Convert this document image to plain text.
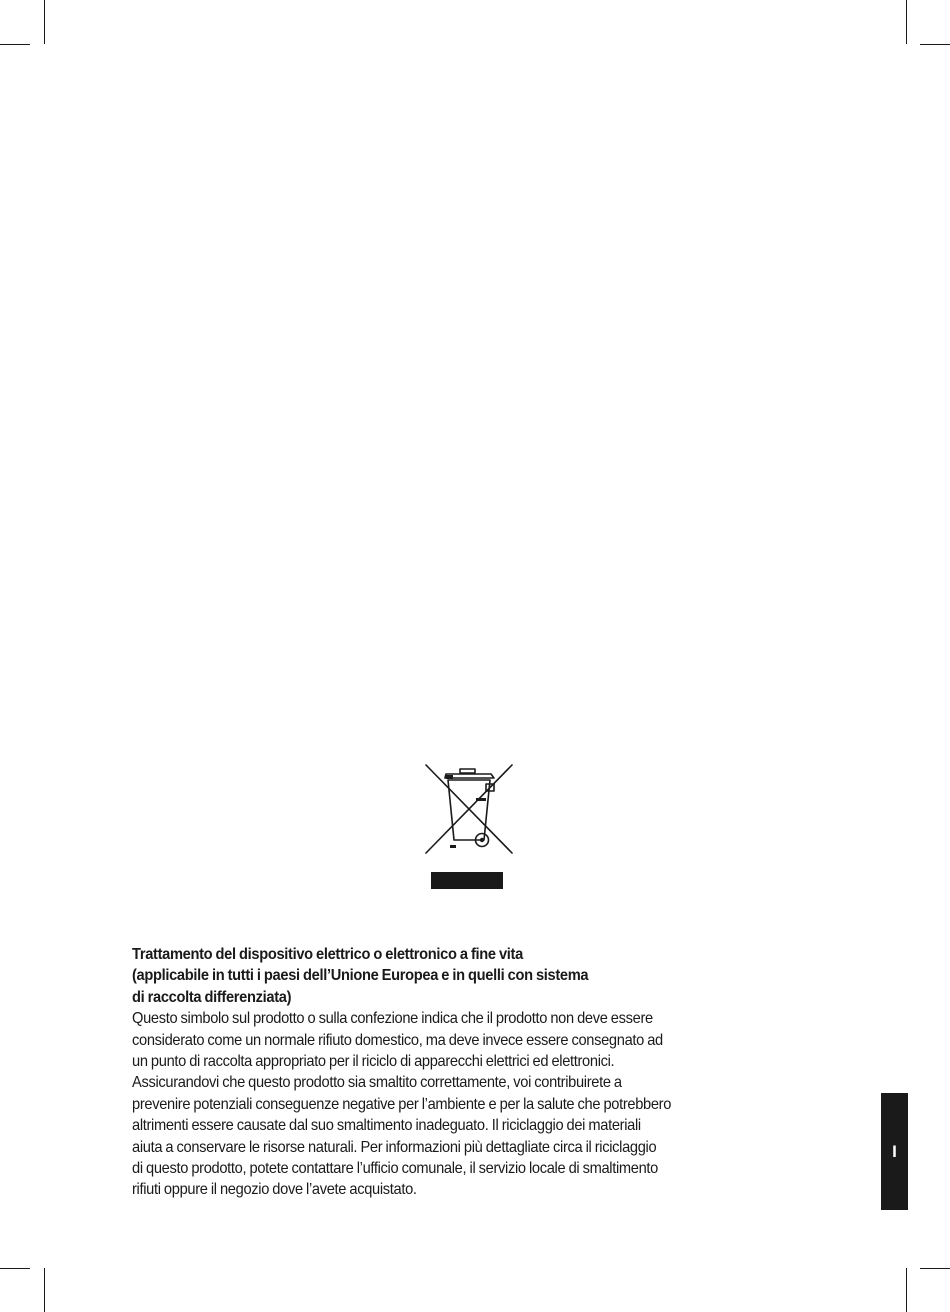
Trattamento del dispositivo elettrico o elettronico a fine vita
(applicabile in tutti i paesi dell’Unione Europea e in quelli con sistema
di raccolta differenziata)

Questo simbolo sul prodotto o sulla confezione indica che il prodotto non deve essere
considerato come un normale rifiuto domestico, ma deve invece essere consegnato ad
un punto di raccolta appropriato per il riciclo di apparecchi elettrici ed elettronici.
Assicurandovi che questo prodotto sia smaltito correttamente, voi contribuirete a
prevenire potenziali conseguenze negative per l’ambiente e per la salute che potrebbero
altrimenti essere causate dal suo smaltimento inadeguato. Il riciclaggio dei materiali
aiuta a conservare le risorse naturali. Per informazioni più dettagliate circa il riciclaggio
di questo prodotto, potete contattare l’ufficio comunale, il servizio locale di smaltimento
rifiuti oppure il negozio dove l’avete acquistato.
I
